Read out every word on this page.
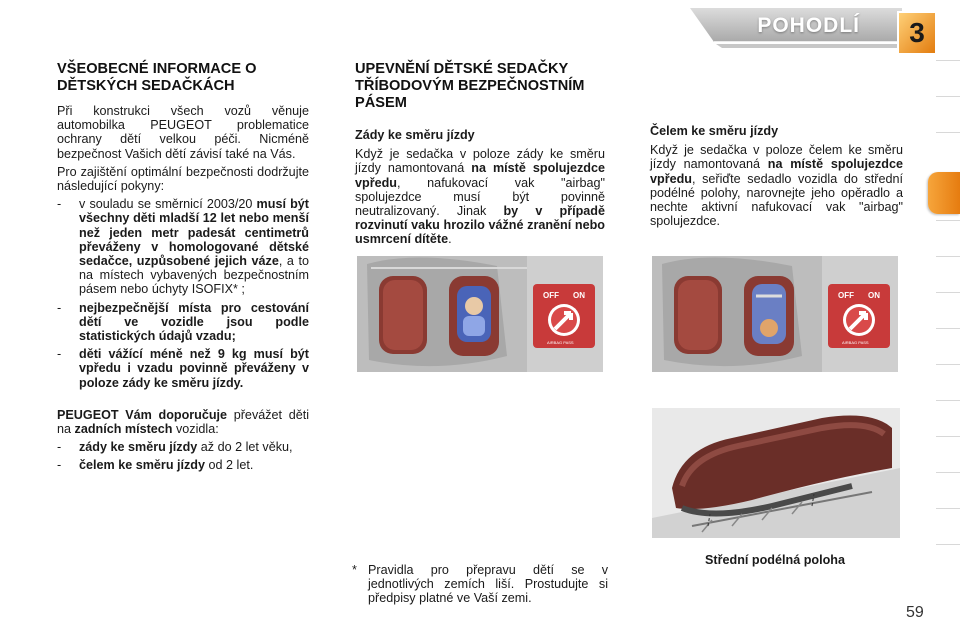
POHODLÍ	3
VŠEOBECNÉ INFORMACE O DĚTSKÝCH SEDAČKÁCH

Při konstrukci všech vozů věnuje automobilka PEUGEOT problematice ochrany dětí velkou péči. Nicméně bezpečnost Vašich dětí závisí také na Vás.

Pro zajištění optimální bezpečnosti dodržujte následující pokyny:

- v souladu se směrnicí 2003/20 musí být všechny děti mladší 12 let nebo menší než jeden metr padesát centimetrů převáženy v homologované dětské sedačce, uzpůsobené jejich váze, a to na místech vybavených bezpečnostním pásem nebo úchyty ISOFIX* ;
- nejbezpečnější místa pro cestování dětí ve vozidle jsou podle statistických údajů vzadu;
- děti vážící méně než 9 kg musí být vpředu i vzadu povinně převáženy v poloze zády ke směru jízdy.

PEUGEOT Vám doporučuje převážet děti na zadních místech vozidla:

- zády ke směru jízdy až do 2 let věku,
- čelem ke směru jízdy od 2 let.
UPEVNĚNÍ DĚTSKÉ SEDAČKY TŘÍBODOVÝM BEZPEČNOSTNÍM PÁSEM
Zády ke směru jízdy

Když je sedačka v poloze zády ke směru jízdy namontovaná na místě spolujezdce vpředu, nafukovací vak "airbag" spolujezdce musí být povinně neutralizovaný. Jinak by v případě rozvinutí vaku hrozilo vážné zranění nebo usmrcení dítěte.

Čelem ke směru jízdy

Když je sedačka v poloze čelem ke směru jízdy namontovaná na místě spolujezdce vpředu, seřiďte sedadlo vozidla do střední podélné polohy, narovnejte jeho opěradlo a nechte aktivní nafukovací vak "airbag" spolujezdce.

OFF ON
AIRBAG PASS
OFF ON
AIRBAG PASS
* Pravidla pro přepravu dětí se v jednotlivých zemích liší. Prostudujte si předpisy platné ve Vaší zemi.
Střední podélná poloha
59
